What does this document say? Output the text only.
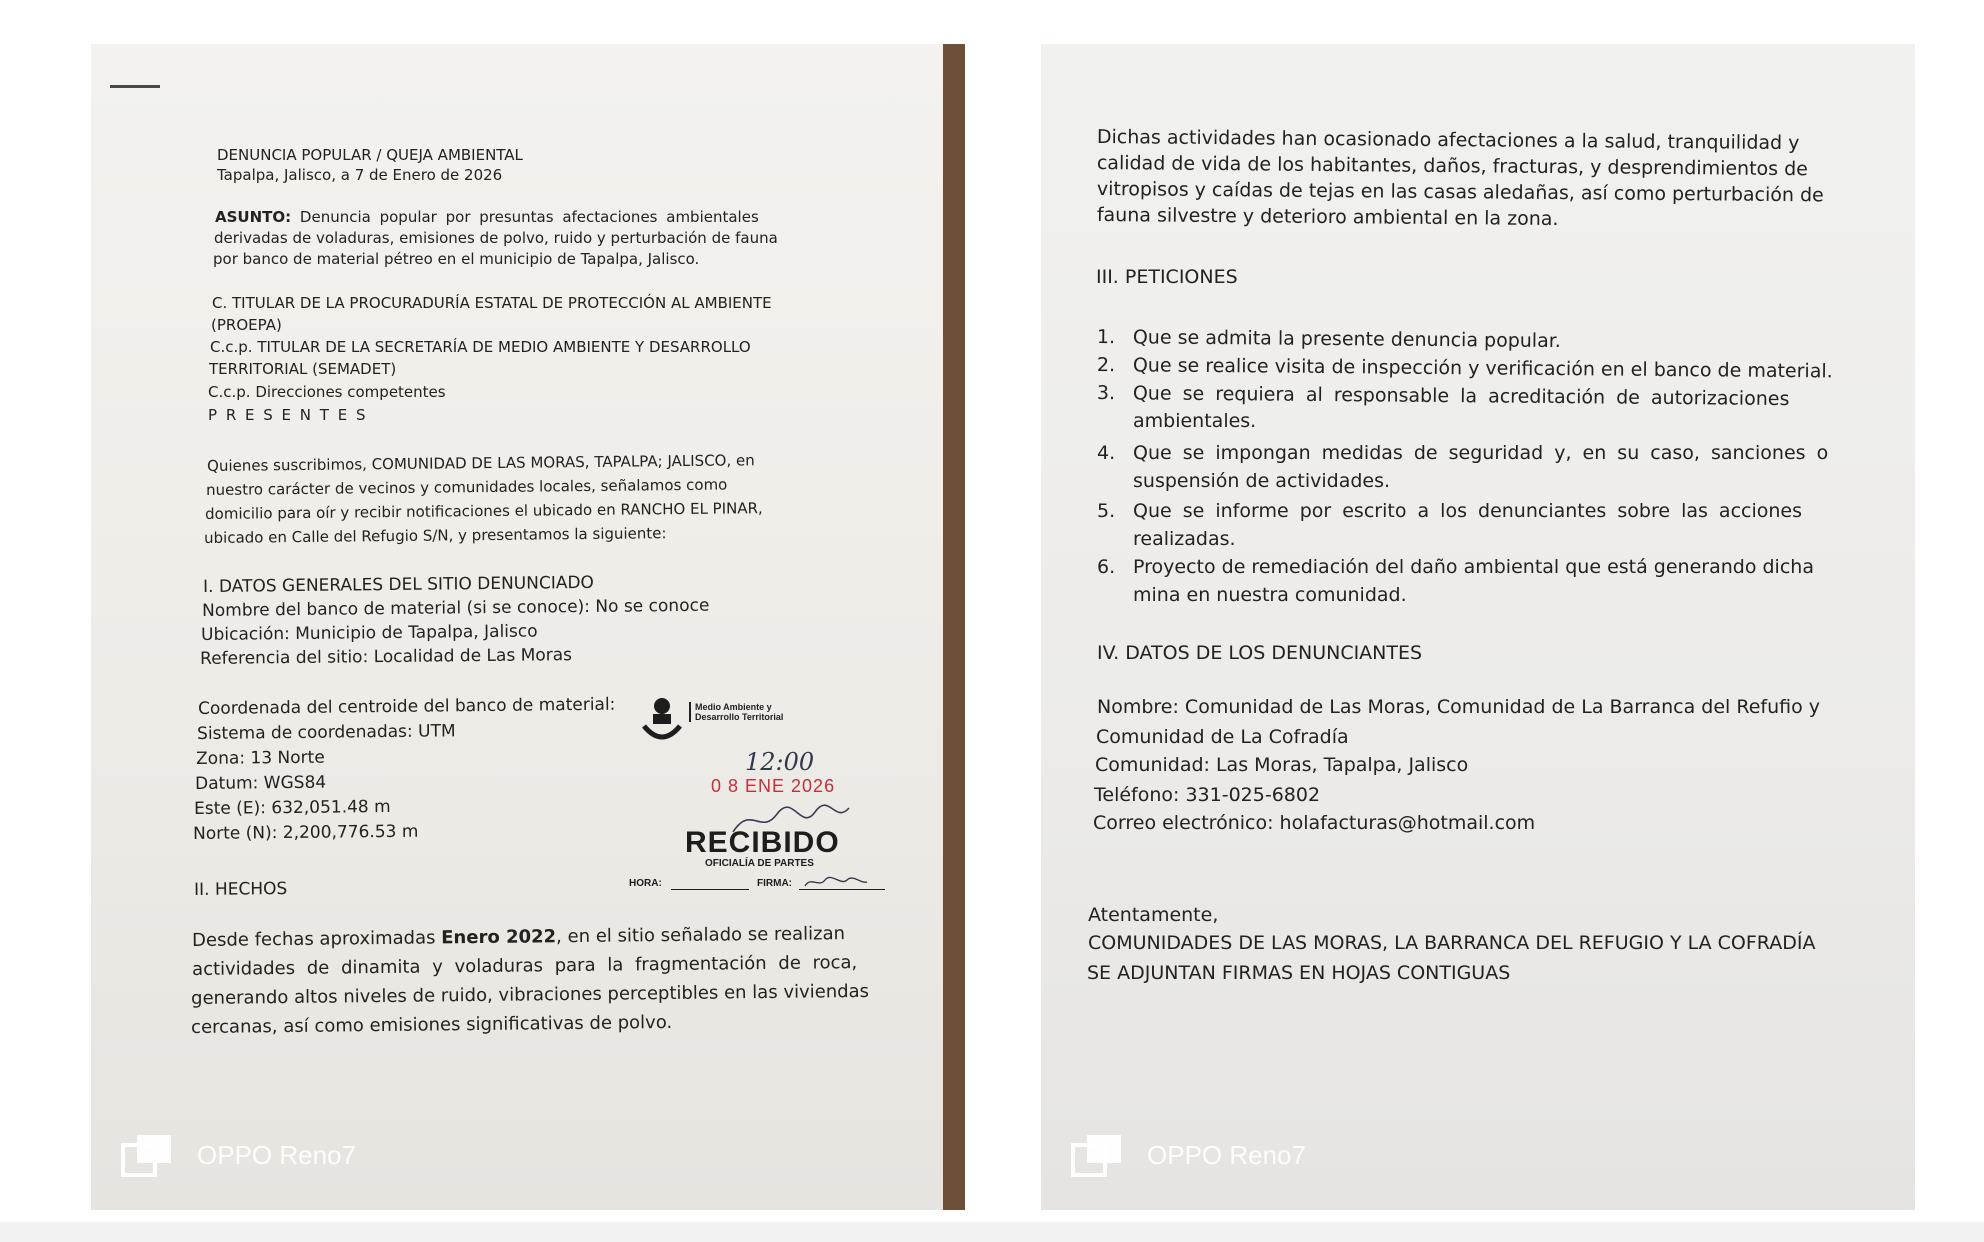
DENUNCIA POPULAR / QUEJA AMBIENTAL
Tapalpa, Jalisco, a 7 de Enero de 2026
ASUNTO: Denuncia popular por presuntas afectaciones ambientales
derivadas de voladuras, emisiones de polvo, ruido y perturbación de fauna
por banco de material pétreo en el municipio de Tapalpa, Jalisco.
C. TITULAR DE LA PROCURADURÍA ESTATAL DE PROTECCIÓN AL AMBIENTE
(PROEPA)
C.c.p. TITULAR DE LA SECRETARÍA DE MEDIO AMBIENTE Y DESARROLLO
TERRITORIAL (SEMADET)
C.c.p. Direcciones competentes
P R E S E N T E S
Quienes suscribimos, COMUNIDAD DE LAS MORAS, TAPALPA; JALISCO, en
nuestro carácter de vecinos y comunidades locales, señalamos como
domicilio para oír y recibir notificaciones el ubicado en RANCHO EL PINAR,
ubicado en Calle del Refugio S/N, y presentamos la siguiente:
I. DATOS GENERALES DEL SITIO DENUNCIADO
Nombre del banco de material (si se conoce): No se conoce
Ubicación: Municipio de Tapalpa, Jalisco
Referencia del sitio: Localidad de Las Moras
Coordenada del centroide del banco de material:
Sistema de coordenadas: UTM
Zona: 13 Norte
Datum: WGS84
Este (E): 632,051.48 m
Norte (N): 2,200,776.53 m
II. HECHOS
Desde fechas aproximadas Enero 2022, en el sitio señalado se realizan
actividades de dinamita y voladuras para la fragmentación de roca,
generando altos niveles de ruido, vibraciones perceptibles en las viviendas
cercanas, así como emisiones significativas de polvo.
Medio Ambiente y
Desarrollo Territorial
12:00
0 8 ENE 2026
RECIBIDO
OFICIALÍA DE PARTES
HORA:	FIRMA:
OPPO Reno7
Dichas actividades han ocasionado afectaciones a la salud, tranquilidad y
calidad de vida de los habitantes, daños, fracturas, y desprendimientos de
vitropisos y caídas de tejas en las casas aledañas, así como perturbación de
fauna silvestre y deterioro ambiental en la zona.
III. PETICIONES
1. Que se admita la presente denuncia popular.
2. Que se realice visita de inspección y verificación en el banco de material.
3. Que se requiera al responsable la acreditación de autorizaciones
ambientales.
4. Que se impongan medidas de seguridad y, en su caso, sanciones o
suspensión de actividades.
5. Que se informe por escrito a los denunciantes sobre las acciones
realizadas.
6. Proyecto de remediación del daño ambiental que está generando dicha
mina en nuestra comunidad.
IV. DATOS DE LOS DENUNCIANTES
Nombre: Comunidad de Las Moras, Comunidad de La Barranca del Refufio y
Comunidad de La Cofradía
Comunidad: Las Moras, Tapalpa, Jalisco
Teléfono: 331-025-6802
Correo electrónico: holafacturas@hotmail.com
Atentamente,
COMUNIDADES DE LAS MORAS, LA BARRANCA DEL REFUGIO Y LA COFRADÍA
SE ADJUNTAN FIRMAS EN HOJAS CONTIGUAS
OPPO Reno7
